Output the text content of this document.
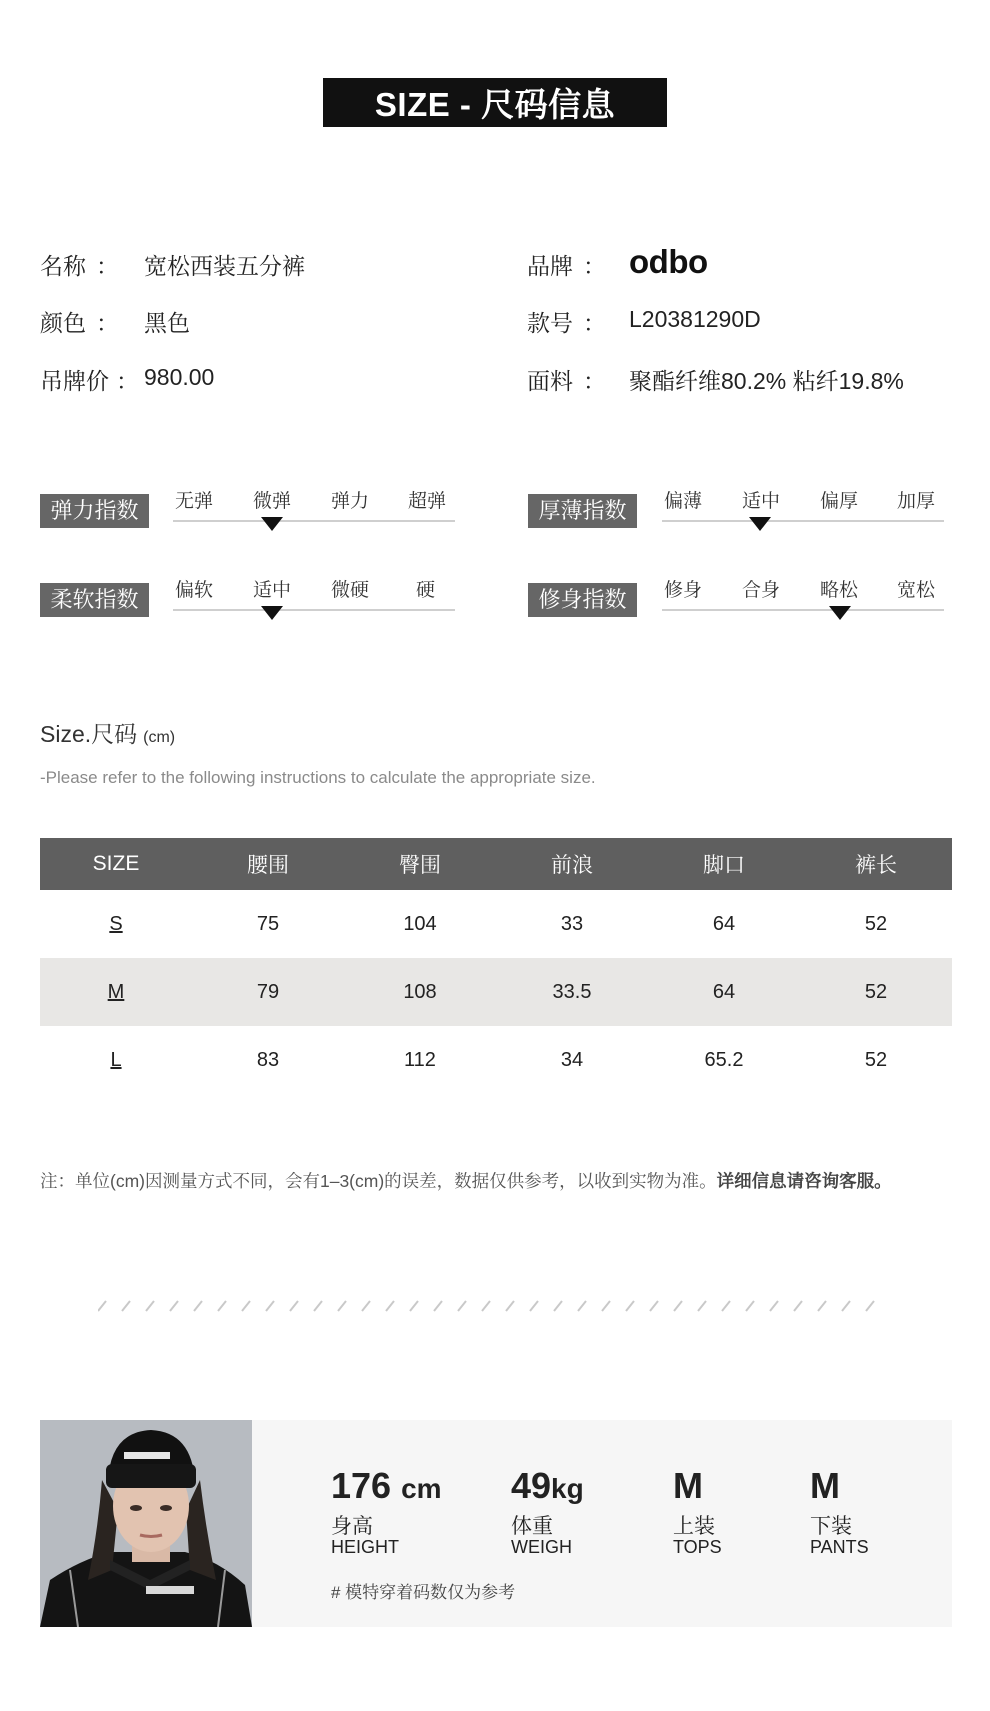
SIZE - 尺码信息
名称 ： 宽松西装五分裤
颜色 ： 黑色
吊牌价 ： 980.00
品牌 ： odbo
款号 ： L20381290D
面料 ： 聚酯纤维80.2% 粘纤19.8%
弹力指数	无弹 微弹 弹力 超弹	厚薄指数	偏薄 适中 偏厚 加厚
柔软指数	偏软 适中 微硬 硬	修身指数	修身 合身 略松 宽松
Size.尺码 (cm)
-Please refer to the following instructions to calculate the appropriate size.
SIZE	腰围	臀围	前浪	脚口	裤长
S	75	104	33	64	52
M	79	108	33.5	64	52
L	83	112	34	65.2	52
注：单位(cm)因测量方式不同，会有1–3(cm)的误差，数据仅供参考，以收到实物为准。详细信息请咨询客服。
176 cm
身高
HEIGHT
49kg
体重
WEIGH
M
上装
TOPS
M
下装
PANTS
# 模特穿着码数仅为参考
